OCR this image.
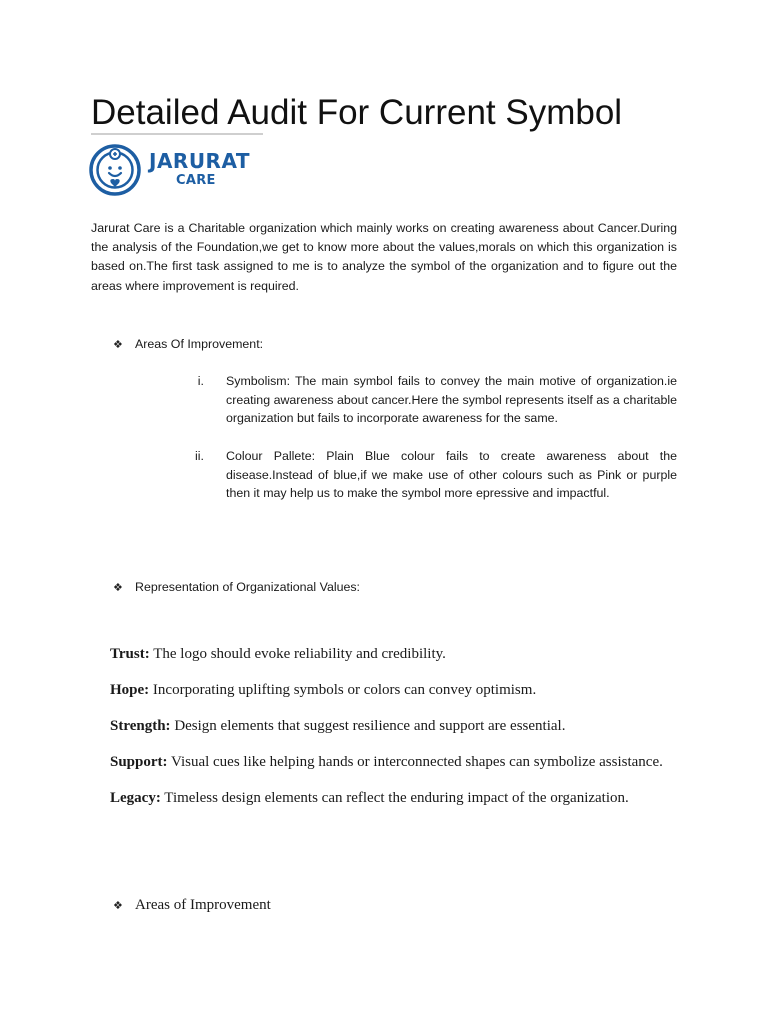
Detailed Audit For Current Symbol
JARURAT
CARE

Jarurat Care is a Charitable organization which mainly works on creating awareness about Cancer.During the analysis of the Foundation,we get to know more about the values,morals on which this organization is based on.The first task assigned to me is to analyze the symbol of the organization and to figure out the areas where improvement is required.

❖ Areas Of Improvement:
i. Symbolism: The main symbol fails to convey the main motive of organization.ie creating awareness about cancer.Here the symbol represents itself as a charitable organization but fails to incorporate awareness for the same.

ii. Colour Pallete: Plain Blue colour fails to create awareness about the disease.Instead of blue,if we make use of other colours such as Pink or purple then it may help us to make the symbol more epressive and impactful.

❖ Representation of Organizational Values:
Trust: The logo should evoke reliability and credibility.
Hope: Incorporating uplifting symbols or colors can convey optimism.
Strength: Design elements that suggest resilience and support are essential.
Support: Visual cues like helping hands or interconnected shapes can symbolize assistance.
Legacy: Timeless design elements can reflect the enduring impact of the organization.
❖ Areas of Improvement
